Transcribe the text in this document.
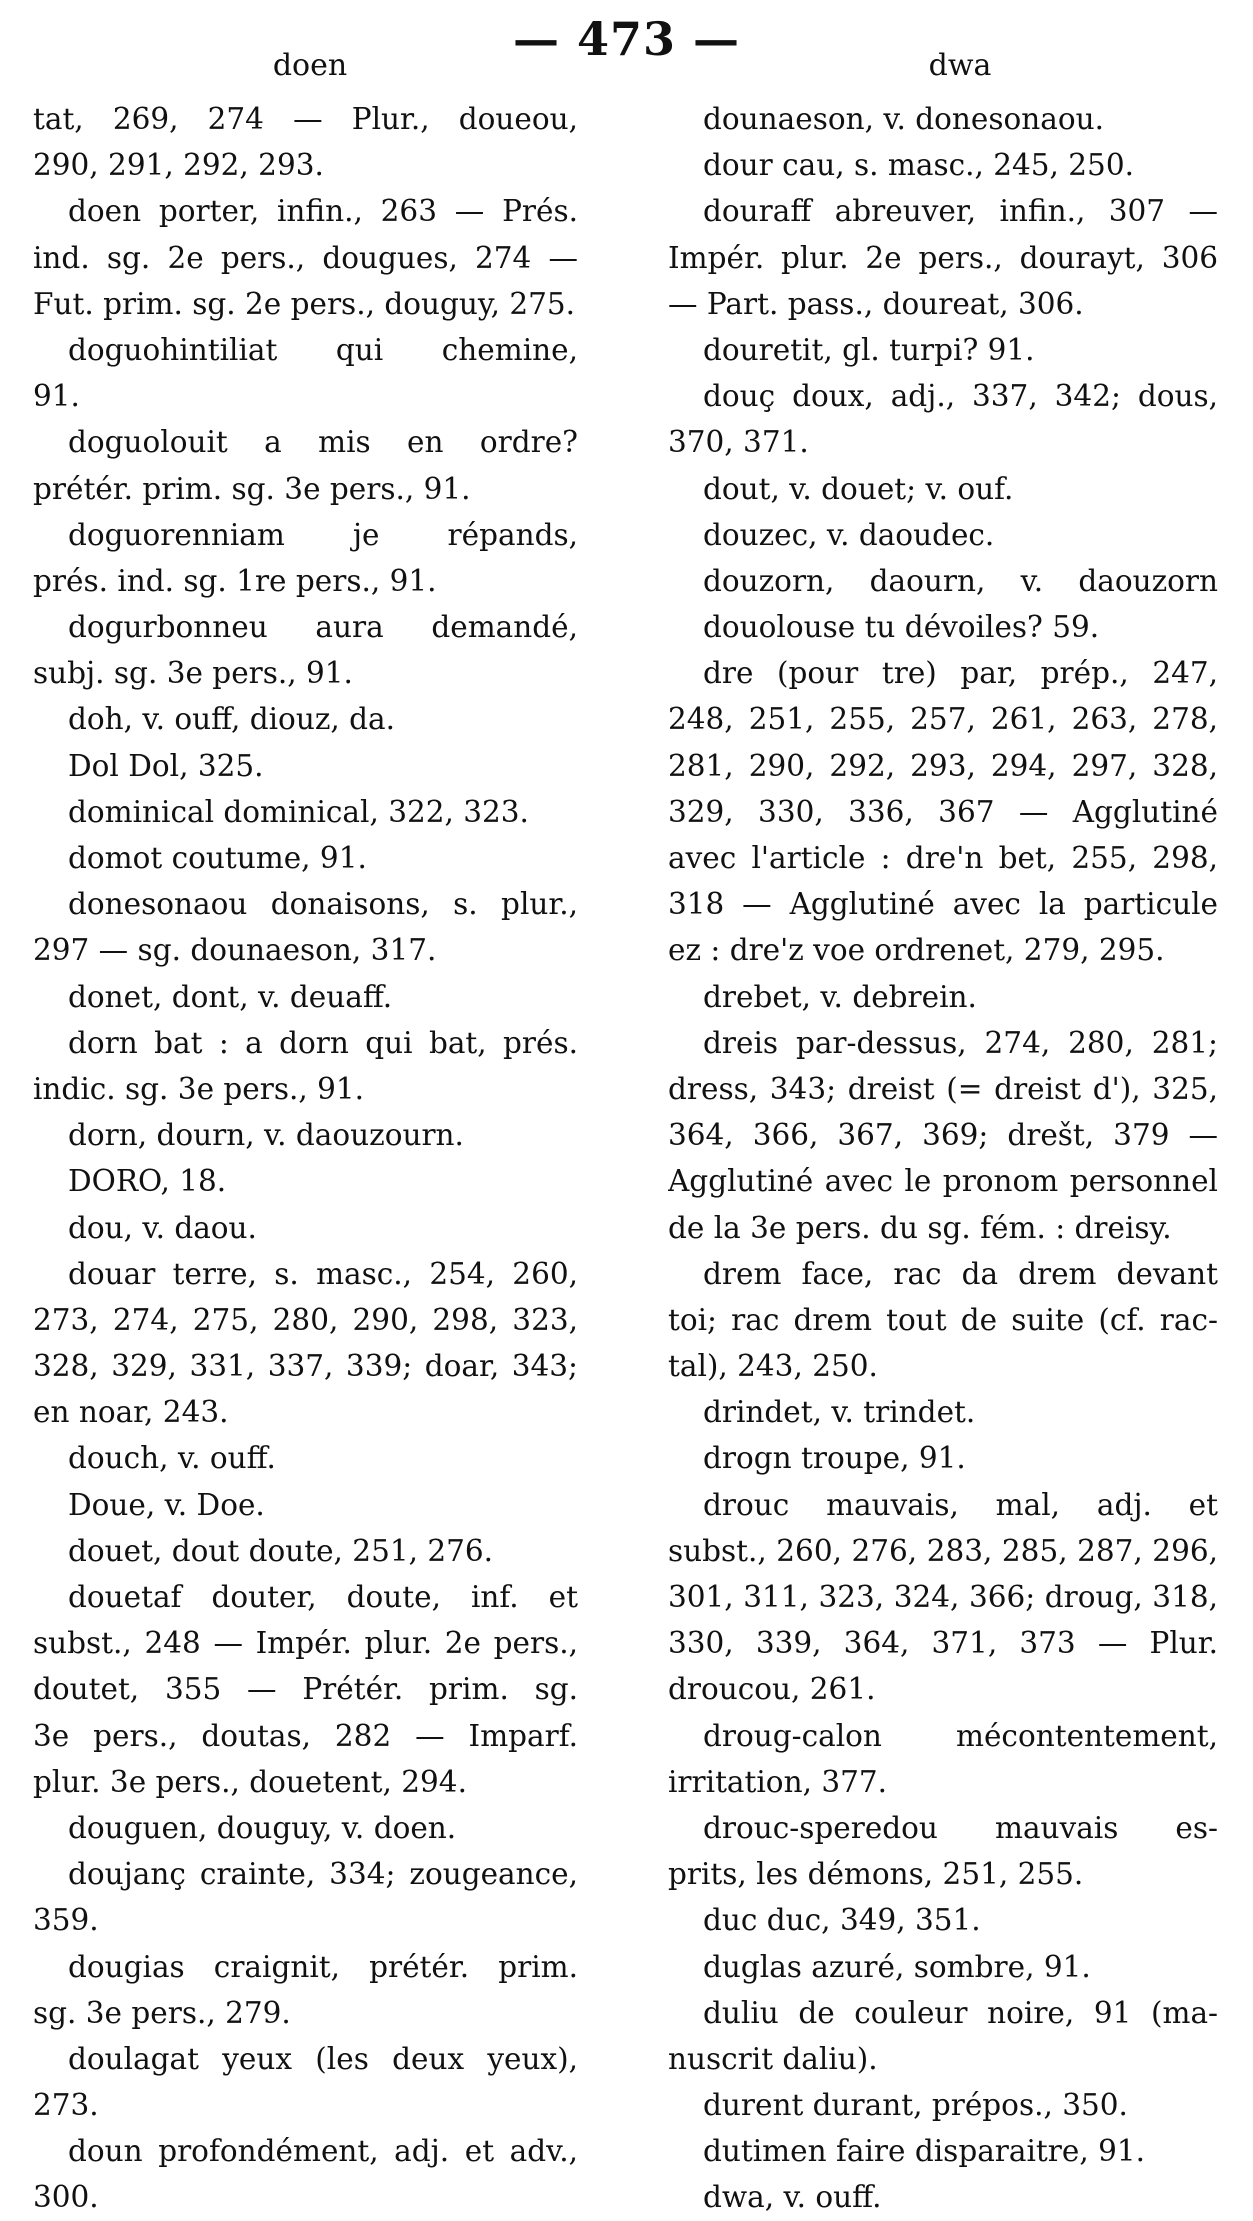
— 473 —
doen	dwa
tat, 269, 274 — Plur., doueou,
290, 291, 292, 293.
doen porter, infin., 263 — Prés.
ind. sg. 2e pers., dougues, 274 —
Fut. prim. sg. 2e pers., douguy, 275.
doguohintiliat qui chemine,
91.
doguolouit a mis en ordre?
prétér. prim. sg. 3e pers., 91.
doguorenniam je répands,
prés. ind. sg. 1re pers., 91.
dogurbonneu aura demandé,
subj. sg. 3e pers., 91.
doh, v. ouff, diouz, da.
Dol Dol, 325.
dominical dominical, 322, 323.
domot coutume, 91.
donesonaou donaisons, s. plur.,
297 — sg. dounaeson, 317.
donet, dont, v. deuaff.
dorn bat : a dorn qui bat, prés.
indic. sg. 3e pers., 91.
dorn, dourn, v. daouzourn.
DORO, 18.
dou, v. daou.
douar terre, s. masc., 254, 260,
273, 274, 275, 280, 290, 298, 323,
328, 329, 331, 337, 339; doar, 343;
en noar, 243.
douch, v. ouff.
Doue, v. Doe.
douet, dout doute, 251, 276.
douetaf douter, doute, inf. et
subst., 248 — Impér. plur. 2e pers.,
doutet, 355 — Prétér. prim. sg.
3e pers., doutas, 282 — Imparf.
plur. 3e pers., douetent, 294.
douguen, douguy, v. doen.
doujanç crainte, 334; zougeance,
359.
dougias craignit, prétér. prim.
sg. 3e pers., 279.
doulagat yeux (les deux yeux),
273.
doun profondément, adj. et adv.,
300.
dounaeson, v. donesonaou.
dour cau, s. masc., 245, 250.
douraff abreuver, infin., 307 —
Impér. plur. 2e pers., dourayt, 306
— Part. pass., doureat, 306.
douretit, gl. turpi? 91.
douç doux, adj., 337, 342; dous,
370, 371.
dout, v. douet; v. ouf.
douzec, v. daoudec.
douzorn, daourn, v. daouzorn
douolouse tu dévoiles? 59.
dre (pour tre) par, prép., 247,
248, 251, 255, 257, 261, 263, 278,
281, 290, 292, 293, 294, 297, 328,
329, 330, 336, 367 — Agglutiné
avec l'article : dre'n bet, 255, 298,
318 — Agglutiné avec la particule
ez : dre'z voe ordrenet, 279, 295.
drebet, v. debrein.
dreis par-dessus, 274, 280, 281;
dress, 343; dreist (= dreist d'), 325,
364, 366, 367, 369; drešt, 379 —
Agglutiné avec le pronom personnel
de la 3e pers. du sg. fém. : dreisy.
drem face, rac da drem devant
toi; rac drem tout de suite (cf. rac-
tal), 243, 250.
drindet, v. trindet.
drogn troupe, 91.
drouc mauvais, mal, adj. et
subst., 260, 276, 283, 285, 287, 296,
301, 311, 323, 324, 366; droug, 318,
330, 339, 364, 371, 373 — Plur.
droucou, 261.
droug-calon mécontentement,
irritation, 377.
drouc-speredou mauvais es-
prits, les démons, 251, 255.
duc duc, 349, 351.
duglas azuré, sombre, 91.
duliu de couleur noire, 91 (ma-
nuscrit daliu).
durent durant, prépos., 350.
dutimen faire disparaitre, 91.
dwa, v. ouff.
